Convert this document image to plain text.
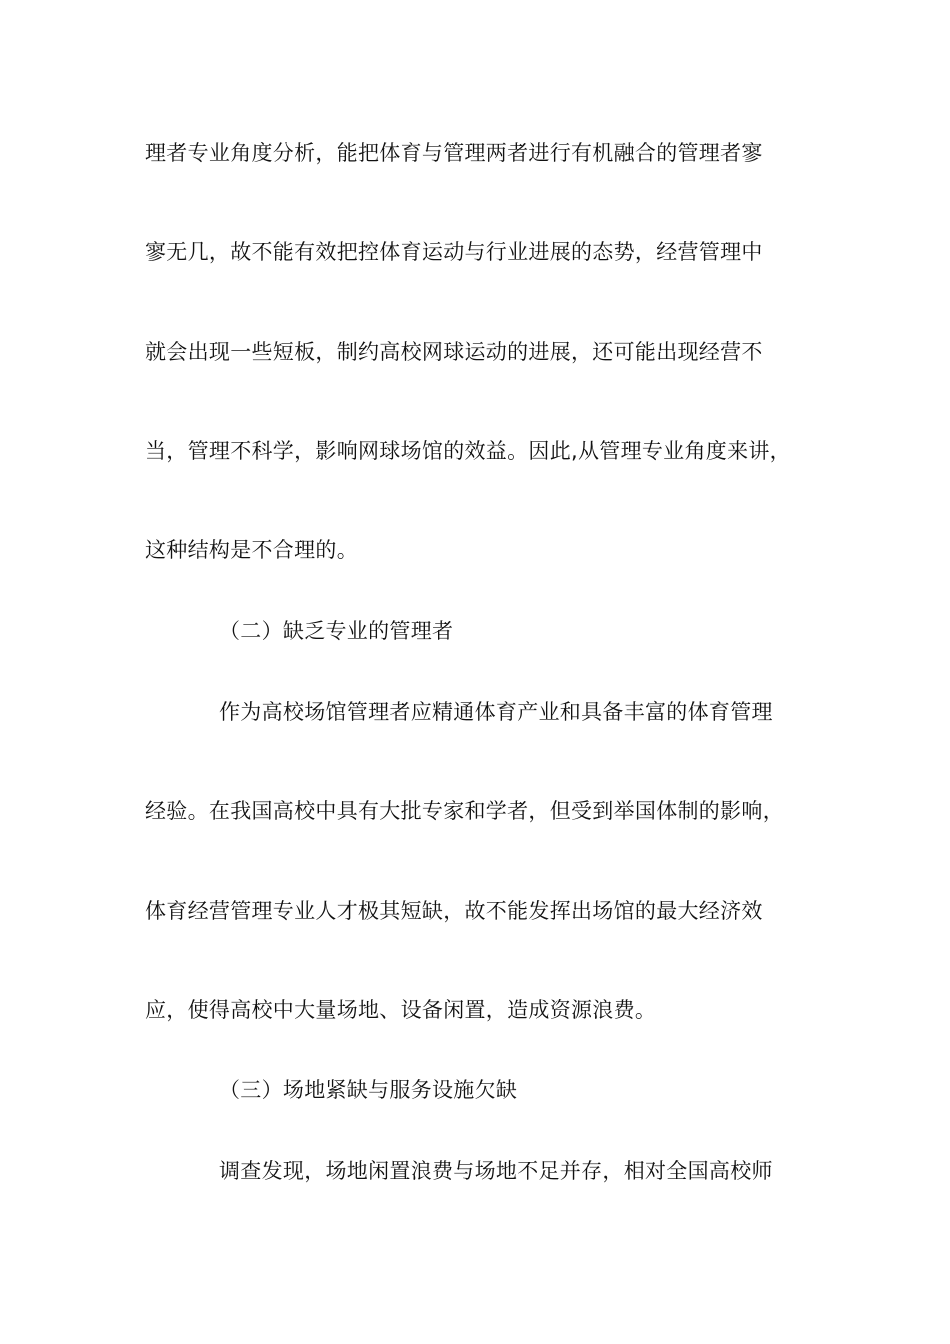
理者专业角度分析，能把体育与管理两者进行有机融合的管理者寥
寥无几，故不能有效把控体育运动与行业进展的态势，经营管理中
就会出现一些短板，制约高校网球运动的进展，还可能出现经营不
当，管理不科学，影响网球场馆的效益。因此,从管理专业角度来讲，
这种结构是不合理的。
（二）缺乏专业的管理者
作为高校场馆管理者应精通体育产业和具备丰富的体育管理
经验。在我国高校中具有大批专家和学者，但受到举国体制的影响，
体育经营管理专业人才极其短缺，故不能发挥出场馆的最大经济效
应，使得高校中大量场地、设备闲置，造成资源浪费。
（三）场地紧缺与服务设施欠缺
调查发现，场地闲置浪费与场地不足并存，相对全国高校师
